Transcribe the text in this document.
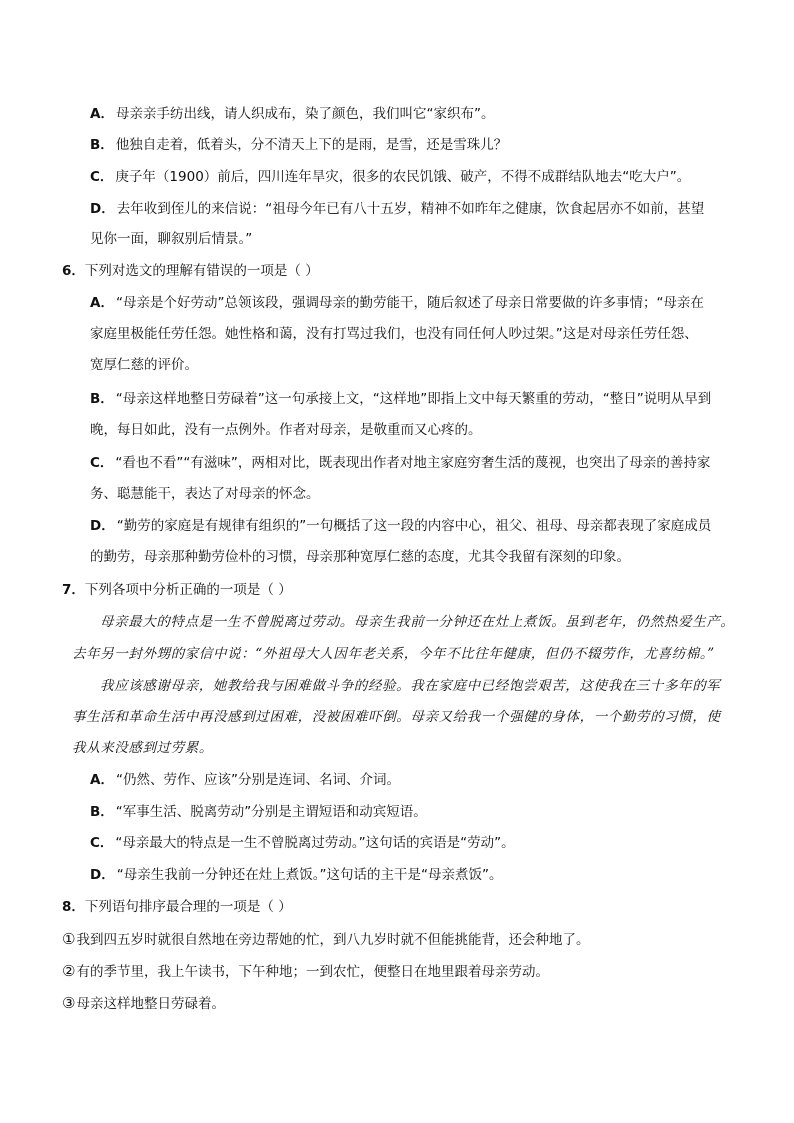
A． 母亲亲手纺出线，请人织成布，染了颜色，我们叫它“家织布”。
B． 他独自走着，低着头，分不清天上下的是雨，是雪，还是雪珠儿？
C． 庚子年（1900）前后，四川连年旱灾，很多的农民饥饿、破产，不得不成群结队地去“吃大户”。
D． 去年收到侄儿的来信说：“祖母今年已有八十五岁，精神不如昨年之健康，饮食起居亦不如前，甚望
见你一面，聊叙别后情景。”
6．下列对选文的理解有错误的一项是（ ）
A． “母亲是个好劳动”总领该段，强调母亲的勤劳能干，随后叙述了母亲日常要做的许多事情；“母亲在
家庭里极能任劳任怨。她性格和蔼，没有打骂过我们，也没有同任何人吵过架。”这是对母亲任劳任怨、
宽厚仁慈的评价。
B． “母亲这样地整日劳碌着”这一句承接上文，“这样地”即指上文中每天繁重的劳动，“整日”说明从早到
晚，每日如此，没有一点例外。作者对母亲，是敬重而又心疼的。
C． “看也不看”“有滋味”，两相对比，既表现出作者对地主家庭穷奢生活的蔑视，也突出了母亲的善持家
务、聪慧能干，表达了对母亲的怀念。
D． “勤劳的家庭是有规律有组织的”一句概括了这一段的内容中心，祖父、祖母、母亲都表现了家庭成员
的勤劳，母亲那种勤劳俭朴的习惯，母亲那种宽厚仁慈的态度，尤其令我留有深刻的印象。
7．下列各项中分析正确的一项是（ ）
母亲最大的特点是一生不曾脱离过劳动。母亲生我前一分钟还在灶上煮饭。虽到老年，仍然热爱生产。
去年另一封外甥的家信中说：“外祖母大人因年老关系，今年不比往年健康，但仍不辍劳作，尤喜纺棉。”
我应该感谢母亲，她教给我与困难做斗争的经验。我在家庭中已经饱尝艰苦，这使我在三十多年的军
事生活和革命生活中再没感到过困难，没被困难吓倒。母亲又给我一个强健的身体，一个勤劳的习惯，使
我从来没感到过劳累。
A． “仍然、劳作、应该”分别是连词、名词、介词。
B． “军事生活、脱离劳动”分别是主谓短语和动宾短语。
C． “母亲最大的特点是一生不曾脱离过劳动。”这句话的宾语是“劳动”。
D． “母亲生我前一分钟还在灶上煮饭。”这句话的主干是“母亲煮饭”。
8．下列语句排序最合理的一项是（ ）
①我到四五岁时就很自然地在旁边帮她的忙，到八九岁时就不但能挑能背，还会种地了。
②有的季节里，我上午读书，下午种地；一到农忙，便整日在地里跟着母亲劳动。
③母亲这样地整日劳碌着。
